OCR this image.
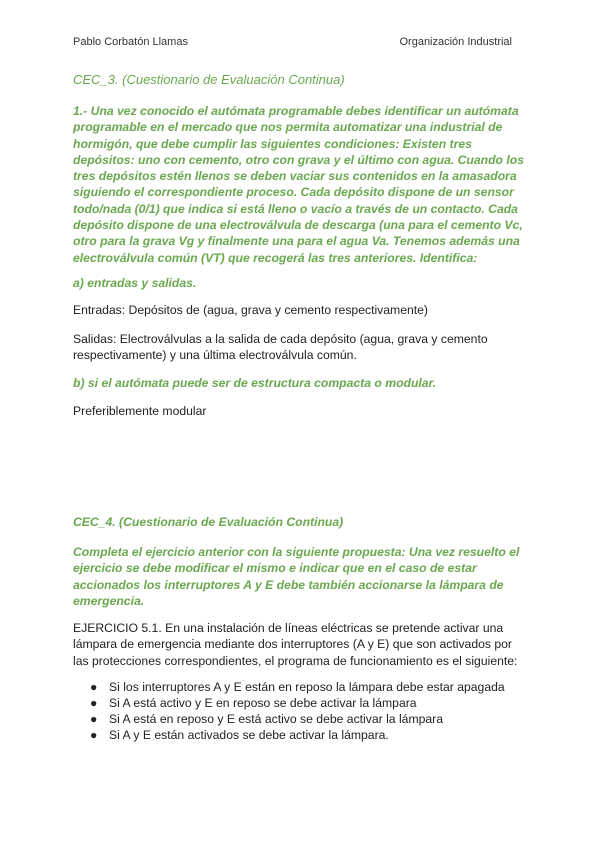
Pablo Corbatón Llamas	Organización Industrial
CEC_3. (Cuestionario de Evaluación Continua)
1.- Una vez conocido el autómata programable debes identificar un autómata programable en el mercado que nos permita automatizar una industrial de hormigón, que debe cumplir las siguientes condiciones: Existen tres depósitos: uno con cemento, otro con grava y el último con agua. Cuando los tres depósitos estén llenos se deben vaciar sus contenidos en la amasadora siguiendo el correspondiente proceso. Cada depósito dispone de un sensor todo/nada (0/1) que indica si está lleno o vacío a través de un contacto. Cada depósito dispone de una electroválvula de descarga (una para el cemento Vc, otro para la grava Vg y finalmente una para el agua Va. Tenemos además una electroválvula común (VT) que recogerá las tres anteriores. Identifica:
a) entradas y salidas.
Entradas: Depósitos de (agua, grava y cemento respectivamente)
Salidas: Electroválvulas a la salida de cada depósito (agua, grava y cemento respectivamente) y una última electroválvula común.
b) si el autómata puede ser de estructura compacta o modular.
Preferiblemente modular
CEC_4. (Cuestionario de Evaluación Continua)
Completa el ejercicio anterior con la siguiente propuesta: Una vez resuelto el ejercicio se debe modificar el mismo e indicar que en el caso de estar accionados los interruptores A y E debe también accionarse la lámpara de emergencia.
EJERCICIO 5.1. En una instalación de líneas eléctricas se pretende activar una lámpara de emergencia mediante dos interruptores (A y E) que son activados por las protecciones correspondientes, el programa de funcionamiento es el siguiente:
● Si los interruptores A y E están en reposo la lámpara debe estar apagada
● Si A está activo y E en reposo se debe activar la lámpara
● Si A está en reposo y E está activo se debe activar la lámpara
● Si A y E están activados se debe activar la lámpara.
